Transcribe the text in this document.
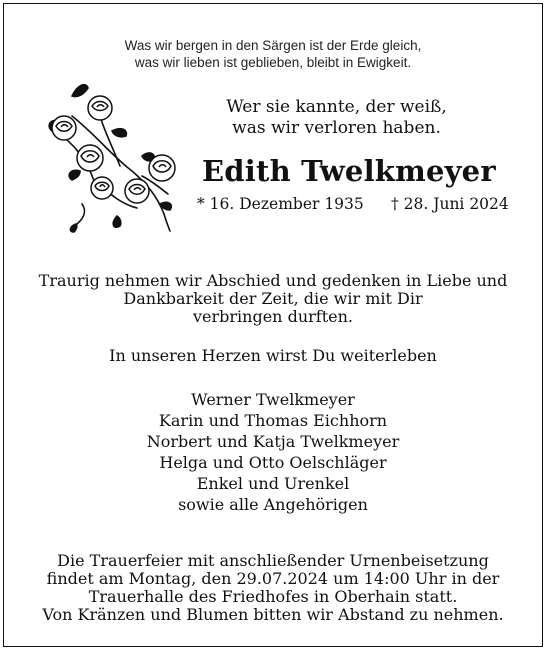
Was wir bergen in den Särgen ist der Erde gleich,
was wir lieben ist geblieben, bleibt in Ewigkeit.
Wer sie kannte, der weiß,
was wir verloren haben.
Edith Twelkmeyer
* 16. Dezember 1935 † 28. Juni 2024
Traurig nehmen wir Abschied und gedenken in Liebe und
Dankbarkeit der Zeit, die wir mit Dir
verbringen durften.
In unseren Herzen wirst Du weiterleben
Werner Twelkmeyer
Karin und Thomas Eichhorn
Norbert und Katja Twelkmeyer
Helga und Otto Oelschläger
Enkel und Urenkel
sowie alle Angehörigen
Die Trauerfeier mit anschließender Urnenbeisetzung
findet am Montag, den 29.07.2024 um 14:00 Uhr in der
Trauerhalle des Friedhofes in Oberhain statt.
Von Kränzen und Blumen bitten wir Abstand zu nehmen.
